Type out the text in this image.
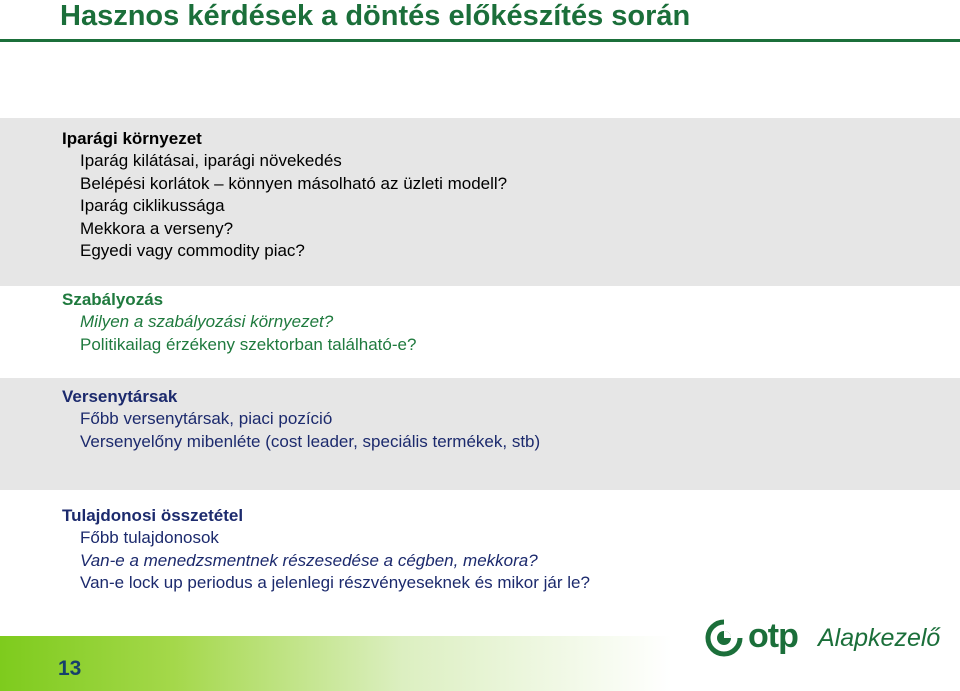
Hasznos kérdések a döntés előkészítés során
Iparági környezet
Iparág kilátásai, iparági növekedés
Belépési korlátok – könnyen másolható az üzleti modell?
Iparág ciklikussága
Mekkora a verseny?
Egyedi vagy commodity piac?
Szabályozás
Milyen a szabályozási környezet?
Politikailag érzékeny szektorban található-e?
Versenytársak
Főbb versenytársak, piaci pozíció
Versenyelőny mibenléte (cost leader, speciális termékek, stb)
Tulajdonosi összetétel
Főbb tulajdonosok
Van-e a menedzsmentnek részesedése a cégben, mekkora?
Van-e lock up periodus a jelenlegi részvényeseknek és mikor jár le?
13
otp Alapkezelő
